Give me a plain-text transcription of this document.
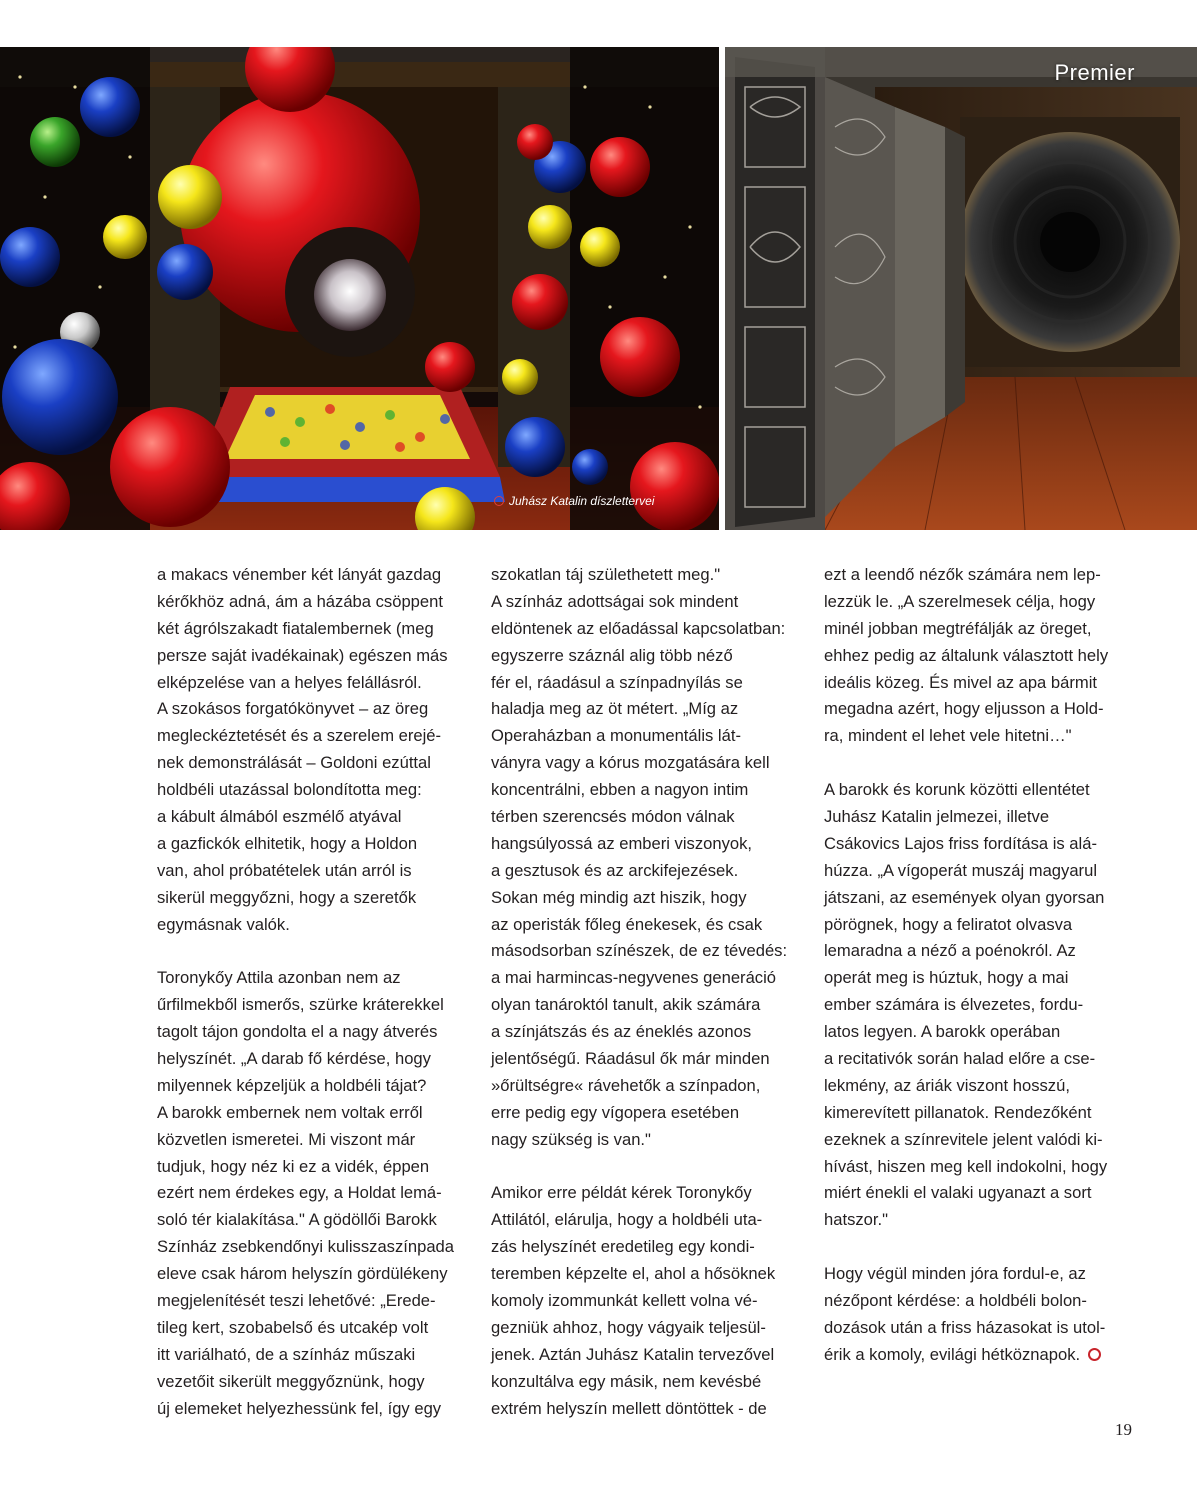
Premier
Juhász Katalin díszlettervei
a makacs vénember két lányát gazdag
kérőkhöz adná, ám a házába csöppent
két ágrólszakadt fiatalembernek (meg
persze saját ivadékainak) egészen más
elképzelése van a helyes felállásról.
A szokásos forgatókönyvet – az öreg
megleckéztetését és a szerelem erejé-
nek demonstrálását – Goldoni ezúttal
holdbéli utazással bolondította meg:
a kábult álmából eszmélő atyával
a gazfickók elhitetik, hogy a Holdon
van, ahol próbatételek után arról is
sikerül meggyőzni, hogy a szeretők
egymásnak valók.
Toronykőy Attila azonban nem az
űrfilmekből ismerős, szürke kráterekkel
tagolt tájon gondolta el a nagy átverés
helyszínét. „A darab fő kérdése, hogy
milyennek képzeljük a holdbéli tájat?
A barokk embernek nem voltak erről
közvetlen ismeretei. Mi viszont már
tudjuk, hogy néz ki ez a vidék, éppen
ezért nem érdekes egy, a Holdat lemá-
soló tér kialakítása." A gödöllői Barokk
Színház zsebkendőnyi kulisszaszínpada
eleve csak három helyszín gördülékeny
megjelenítését teszi lehetővé: „Erede-
tileg kert, szobabelső és utcakép volt
itt variálható, de a színház műszaki
vezetőit sikerült meggyőznünk, hogy
új elemeket helyezhessünk fel, így egy
szokatlan táj születhetett meg."
A színház adottságai sok mindent
eldöntenek az előadással kapcsolatban:
egyszerre száznál alig több néző
fér el, ráadásul a színpadnyílás se
haladja meg az öt métert. „Míg az
Operaházban a monumentális lát-
ványra vagy a kórus mozgatására kell
koncentrálni, ebben a nagyon intim
térben szerencsés módon válnak
hangsúlyossá az emberi viszonyok,
a gesztusok és az arckifejezések.
Sokan még mindig azt hiszik, hogy
az operisták főleg énekesek, és csak
másodsorban színészek, de ez tévedés:
a mai harmincas-negyvenes generáció
olyan tanároktól tanult, akik számára
a színjátszás és az éneklés azonos
jelentőségű. Ráadásul ők már minden
»őrültségre« rávehetők a színpadon,
erre pedig egy vígopera esetében
nagy szükség is van."
Amikor erre példát kérek Toronykőy
Attilától, elárulja, hogy a holdbéli uta-
zás helyszínét eredetileg egy kondi-
teremben képzelte el, ahol a hősöknek
komoly izommunkát kellett volna vé-
gezniük ahhoz, hogy vágyaik teljesül-
jenek. Aztán Juhász Katalin tervezővel
konzultálva egy másik, nem kevésbé
extrém helyszín mellett döntöttek - de
ezt a leendő nézők számára nem lep-
lezzük le. „A szerelmesek célja, hogy
minél jobban megtréfálják az öreget,
ehhez pedig az általunk választott hely
ideális közeg. És mivel az apa bármit
megadna azért, hogy eljusson a Hold-
ra, mindent el lehet vele hitetni…"
A barokk és korunk közötti ellentétet
Juhász Katalin jelmezei, illetve
Csákovics Lajos friss fordítása is alá-
húzza. „A vígoperát muszáj magyarul
játszani, az események olyan gyorsan
pörögnek, hogy a feliratot olvasva
lemaradna a néző a poénokról. Az
operát meg is húztuk, hogy a mai
ember számára is élvezetes, fordu-
latos legyen. A barokk operában
a recitativók során halad előre a cse-
lekmény, az áriák viszont hosszú,
kimerevített pillanatok. Rendezőként
ezeknek a színrevitele jelent valódi ki-
hívást, hiszen meg kell indokolni, hogy
miért énekli el valaki ugyanazt a sort
hatszor."
Hogy végül minden jóra fordul-e, az
nézőpont kérdése: a holdbéli bolon-
dozások után a friss házasokat is utol-
érik a komoly, evilági hétköznapok.
19
